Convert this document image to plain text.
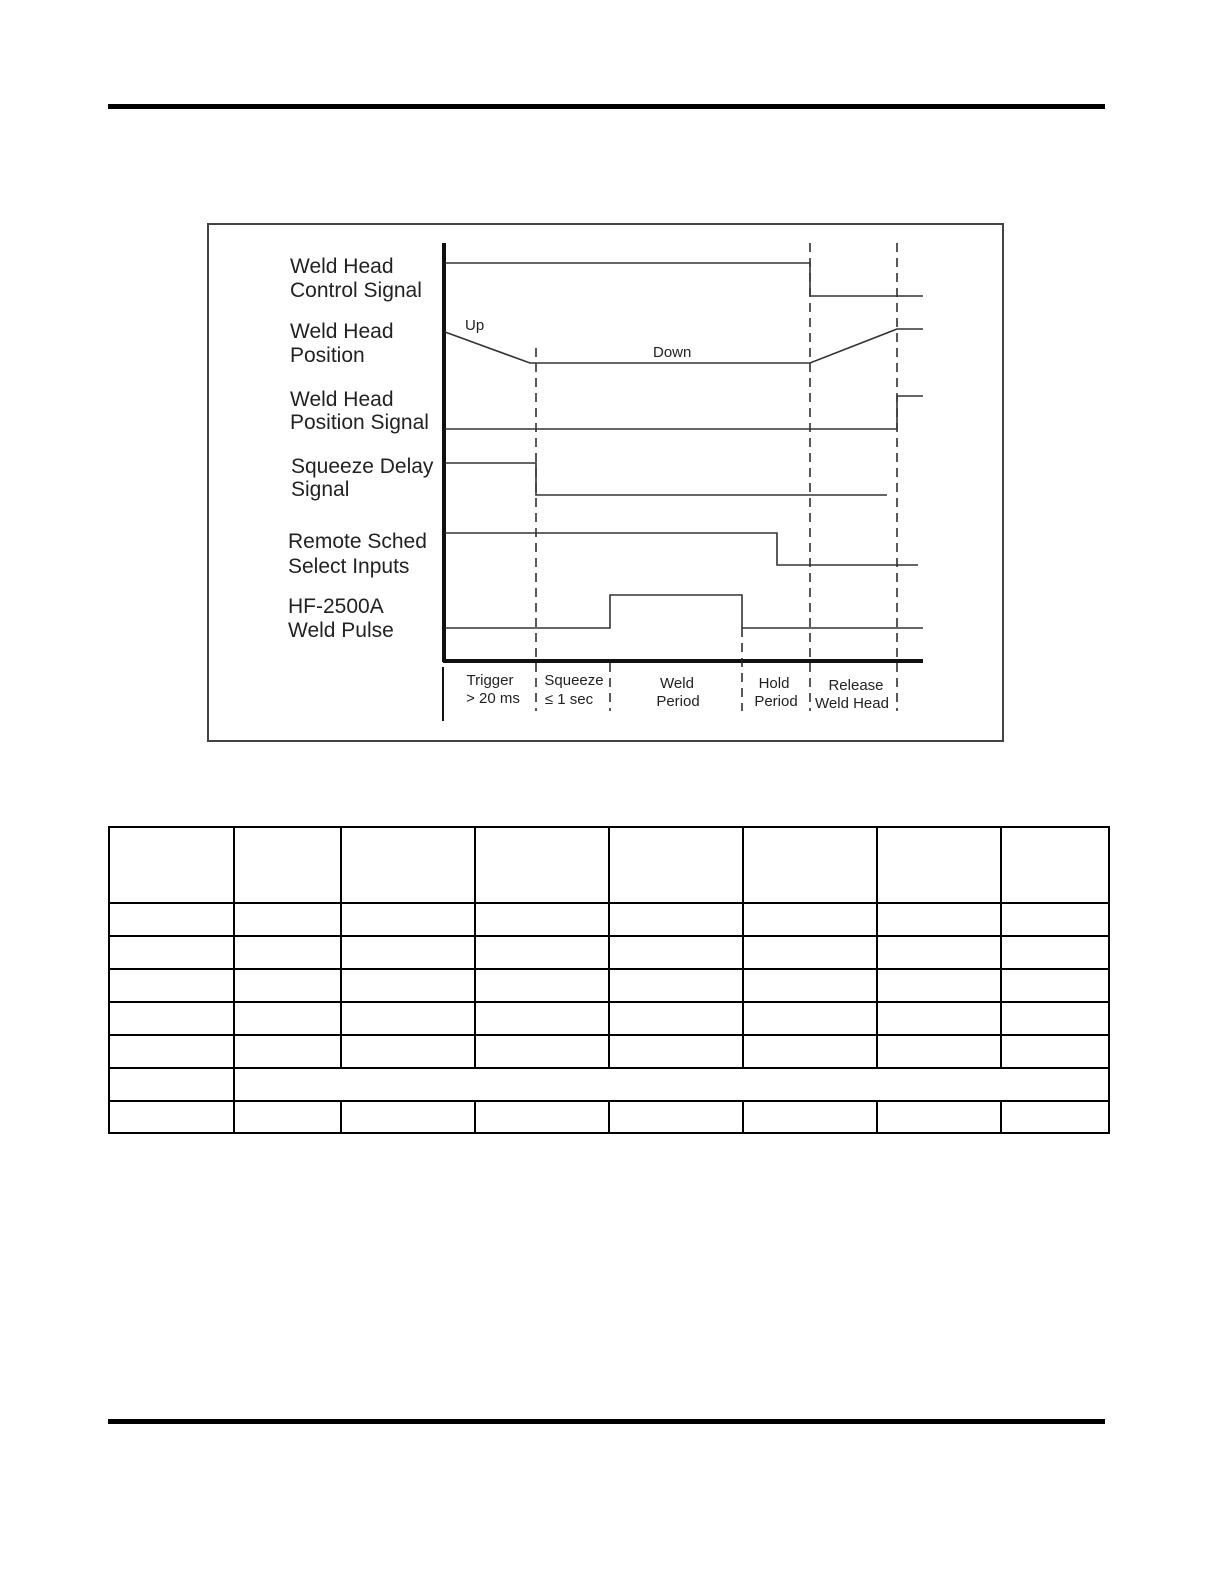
Weld Head
Control Signal
Weld Head
Position
Weld Head
Position Signal
Squeeze Delay
Signal
Remote Sched
Select Inputs
HF-2500A
Weld Pulse
Up
Down
Trigger
> 20 ms
Squeeze
≤ 1 sec
Weld
Period
Hold
Period
Release
Weld Head
